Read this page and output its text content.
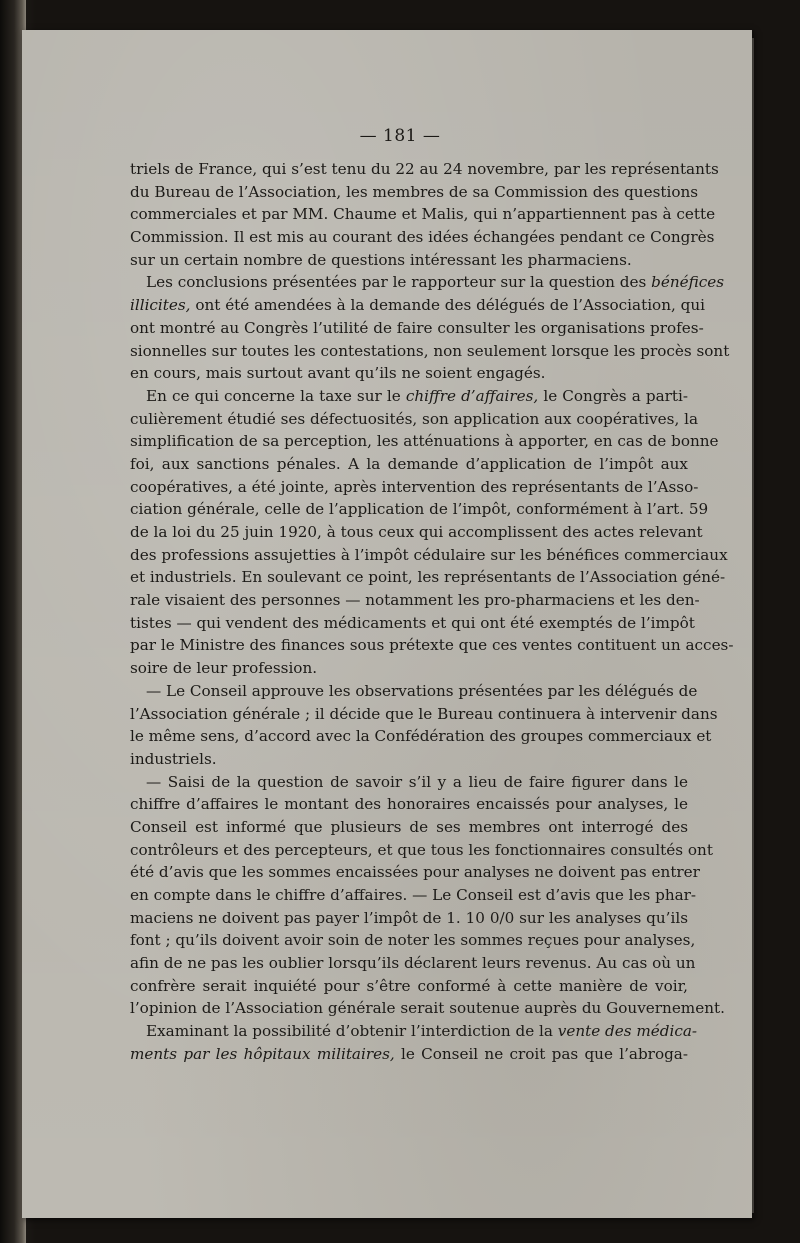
— 181 —
triels de France, qui s’est tenu du 22 au 24 novembre, par les représentants
du Bureau de l’Association, les membres de sa Commission des questions
commerciales et par MM. Chaume et Malis, qui n’appartiennent pas à cette
Commission. Il est mis au courant des idées échangées pendant ce Congrès
sur un certain nombre de questions intéressant les pharmaciens.
Les conclusions présentées par le rapporteur sur la question des bénéfices
illicites, ont été amendées à la demande des délégués de l’Association, qui
ont montré au Congrès l’utilité de faire consulter les organisations profes-
sionnelles sur toutes les contestations, non seulement lorsque les procès sont
en cours, mais surtout avant qu’ils ne soient engagés.
En ce qui concerne la taxe sur le chiffre d’affaires, le Congrès a parti-
culièrement étudié ses défectuosités, son application aux coopératives, la
simplification de sa perception, les atténuations à apporter, en cas de bonne
foi, aux sanctions pénales. A la demande d’application de l’impôt aux
coopératives, a été jointe, après intervention des représentants de l’Asso-
ciation générale, celle de l’application de l’impôt, conformément à l’art. 59
de la loi du 25 juin 1920, à tous ceux qui accomplissent des actes relevant
des professions assujetties à l’impôt cédulaire sur les bénéfices commerciaux
et industriels. En soulevant ce point, les représentants de l’Association géné-
rale visaient des personnes — notamment les pro-pharmaciens et les den-
tistes — qui vendent des médicaments et qui ont été exemptés de l’impôt
par le Ministre des finances sous prétexte que ces ventes contituent un acces-
soire de leur profession.
— Le Conseil approuve les observations présentées par les délégués de
l’Association générale ; il décide que le Bureau continuera à intervenir dans
le même sens, d’accord avec la Confédération des groupes commerciaux et
industriels.
— Saisi de la question de savoir s’il y a lieu de faire figurer dans le
chiffre d’affaires le montant des honoraires encaissés pour analyses, le
Conseil est informé que plusieurs de ses membres ont interrogé des
contrôleurs et des percepteurs, et que tous les fonctionnaires consultés ont
été d’avis que les sommes encaissées pour analyses ne doivent pas entrer
en compte dans le chiffre d’affaires. — Le Conseil est d’avis que les phar-
maciens ne doivent pas payer l’impôt de 1. 10 0/0 sur les analyses qu’ils
font ; qu’ils doivent avoir soin de noter les sommes reçues pour analyses,
afin de ne pas les oublier lorsqu’ils déclarent leurs revenus. Au cas où un
confrère serait inquiété pour s’être conformé à cette manière de voir,
l’opinion de l’Association générale serait soutenue auprès du Gouvernement.
Examinant la possibilité d’obtenir l’interdiction de la vente des médica-
ments par les hôpitaux militaires, le Conseil ne croit pas que l’abroga-
